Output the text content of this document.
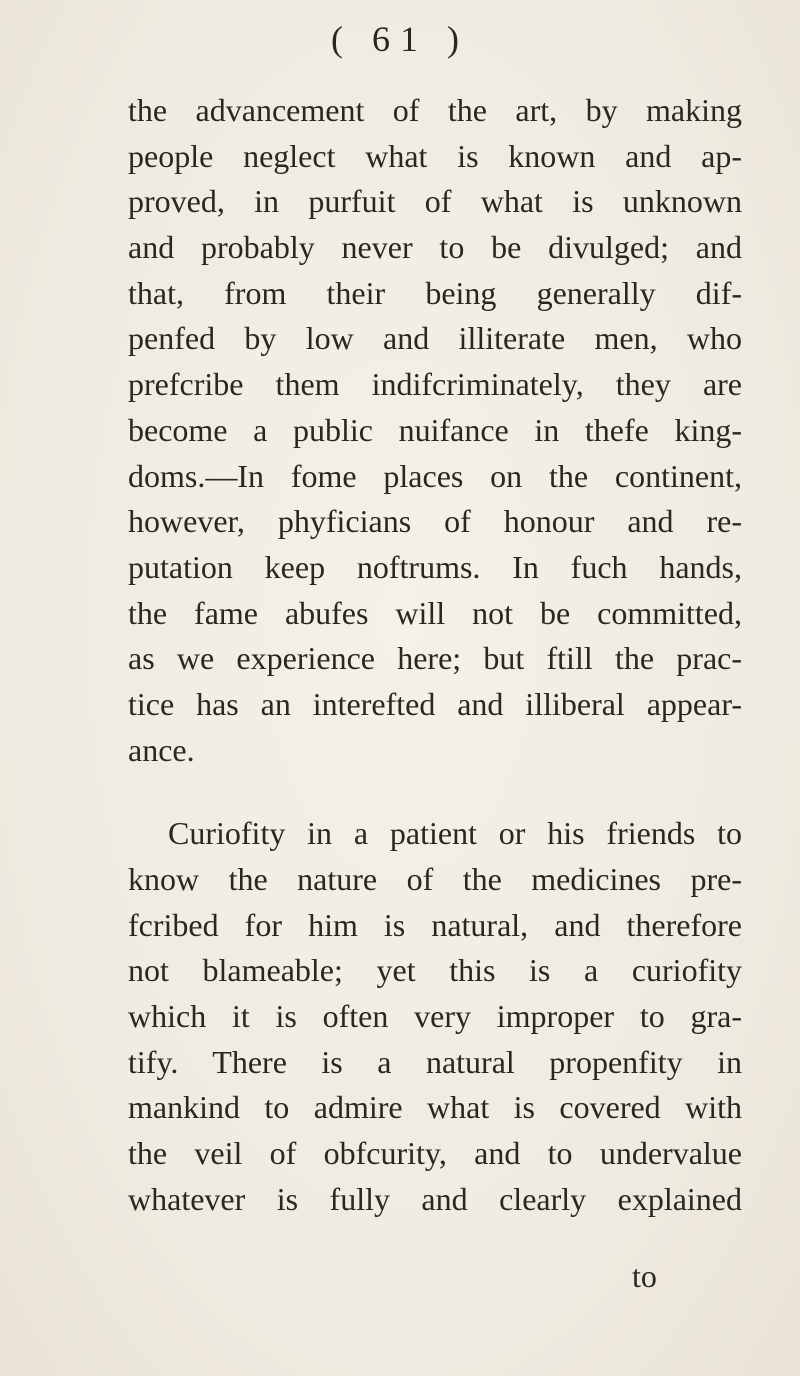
( 61 )
the advancement of the art, by making
people neglect what is known and ap-
proved, in purfuit of what is unknown
and probably never to be divulged; and
that, from their being generally dif-
penfed by low and illiterate men, who
prefcribe them indifcriminately, they are
become a public nuifance in thefe king-
doms.—In fome places on the continent,
however, phyficians of honour and re-
putation keep noftrums. In fuch hands,
the fame abufes will not be committed,
as we experience here; but ftill the prac-
tice has an interefted and illiberal appear-
ance.
Curiofity in a patient or his friends to
know the nature of the medicines pre-
fcribed for him is natural, and therefore
not blameable; yet this is a curiofity
which it is often very improper to gra-
tify. There is a natural propenfity in
mankind to admire what is covered with
the veil of obfcurity, and to undervalue
whatever is fully and clearly explained
to
